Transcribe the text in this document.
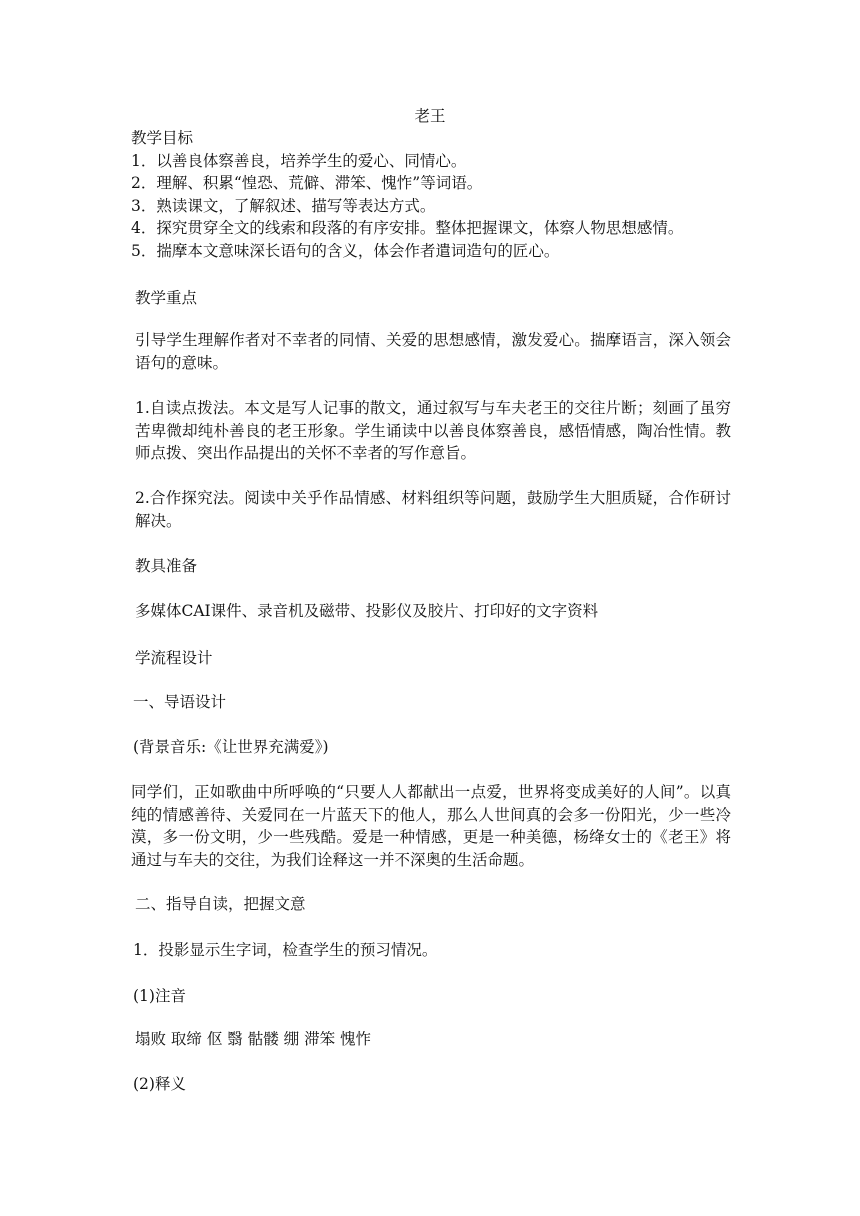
老王
教学目标
1．以善良体察善良，培养学生的爱心、同情心。
2．理解、积累“惶恐、荒僻、滞笨、愧怍”等词语。
3．熟读课文，了解叙述、描写等表达方式。
4．探究贯穿全文的线索和段落的有序安排。整体把握课文，体察人物思想感情。
5．揣摩本文意味深长语句的含义，体会作者遣词造句的匠心。
教学重点
引导学生理解作者对不幸者的同情、关爱的思想感情，激发爱心。揣摩语言，深入领会语句的意味。
1.自读点拨法。本文是写人记事的散文，通过叙写与车夫老王的交往片断；刻画了虽穷苦卑微却纯朴善良的老王形象。学生诵读中以善良体察善良，感悟情感，陶冶性情。教师点拨、突出作品提出的关怀不幸者的写作意旨。
2.合作探究法。阅读中关乎作品情感、材料组织等问题，鼓励学生大胆质疑，合作研讨解决。
教具准备
多媒体CAI课件、录音机及磁带、投影仪及胶片、打印好的文字资料
学流程设计
一、导语设计
(背景音乐:《让世界充满爱》)
同学们，正如歌曲中所呼唤的“只要人人都献出一点爱，世界将变成美好的人间”。以真纯的情感善待、关爱同在一片蓝天下的他人，那么人世间真的会多一份阳光，少一些冷漠，多一份文明，少一些残酷。爱是一种情感，更是一种美德，杨绛女士的《老王》将通过与车夫的交往，为我们诠释这一并不深奥的生活命题。
二、指导自读，把握文意
1．投影显示生字词，检查学生的预习情况。
(1)注音
塌败 取缔 伛 翳 骷髅 绷 滞笨 愧怍
(2)释义
